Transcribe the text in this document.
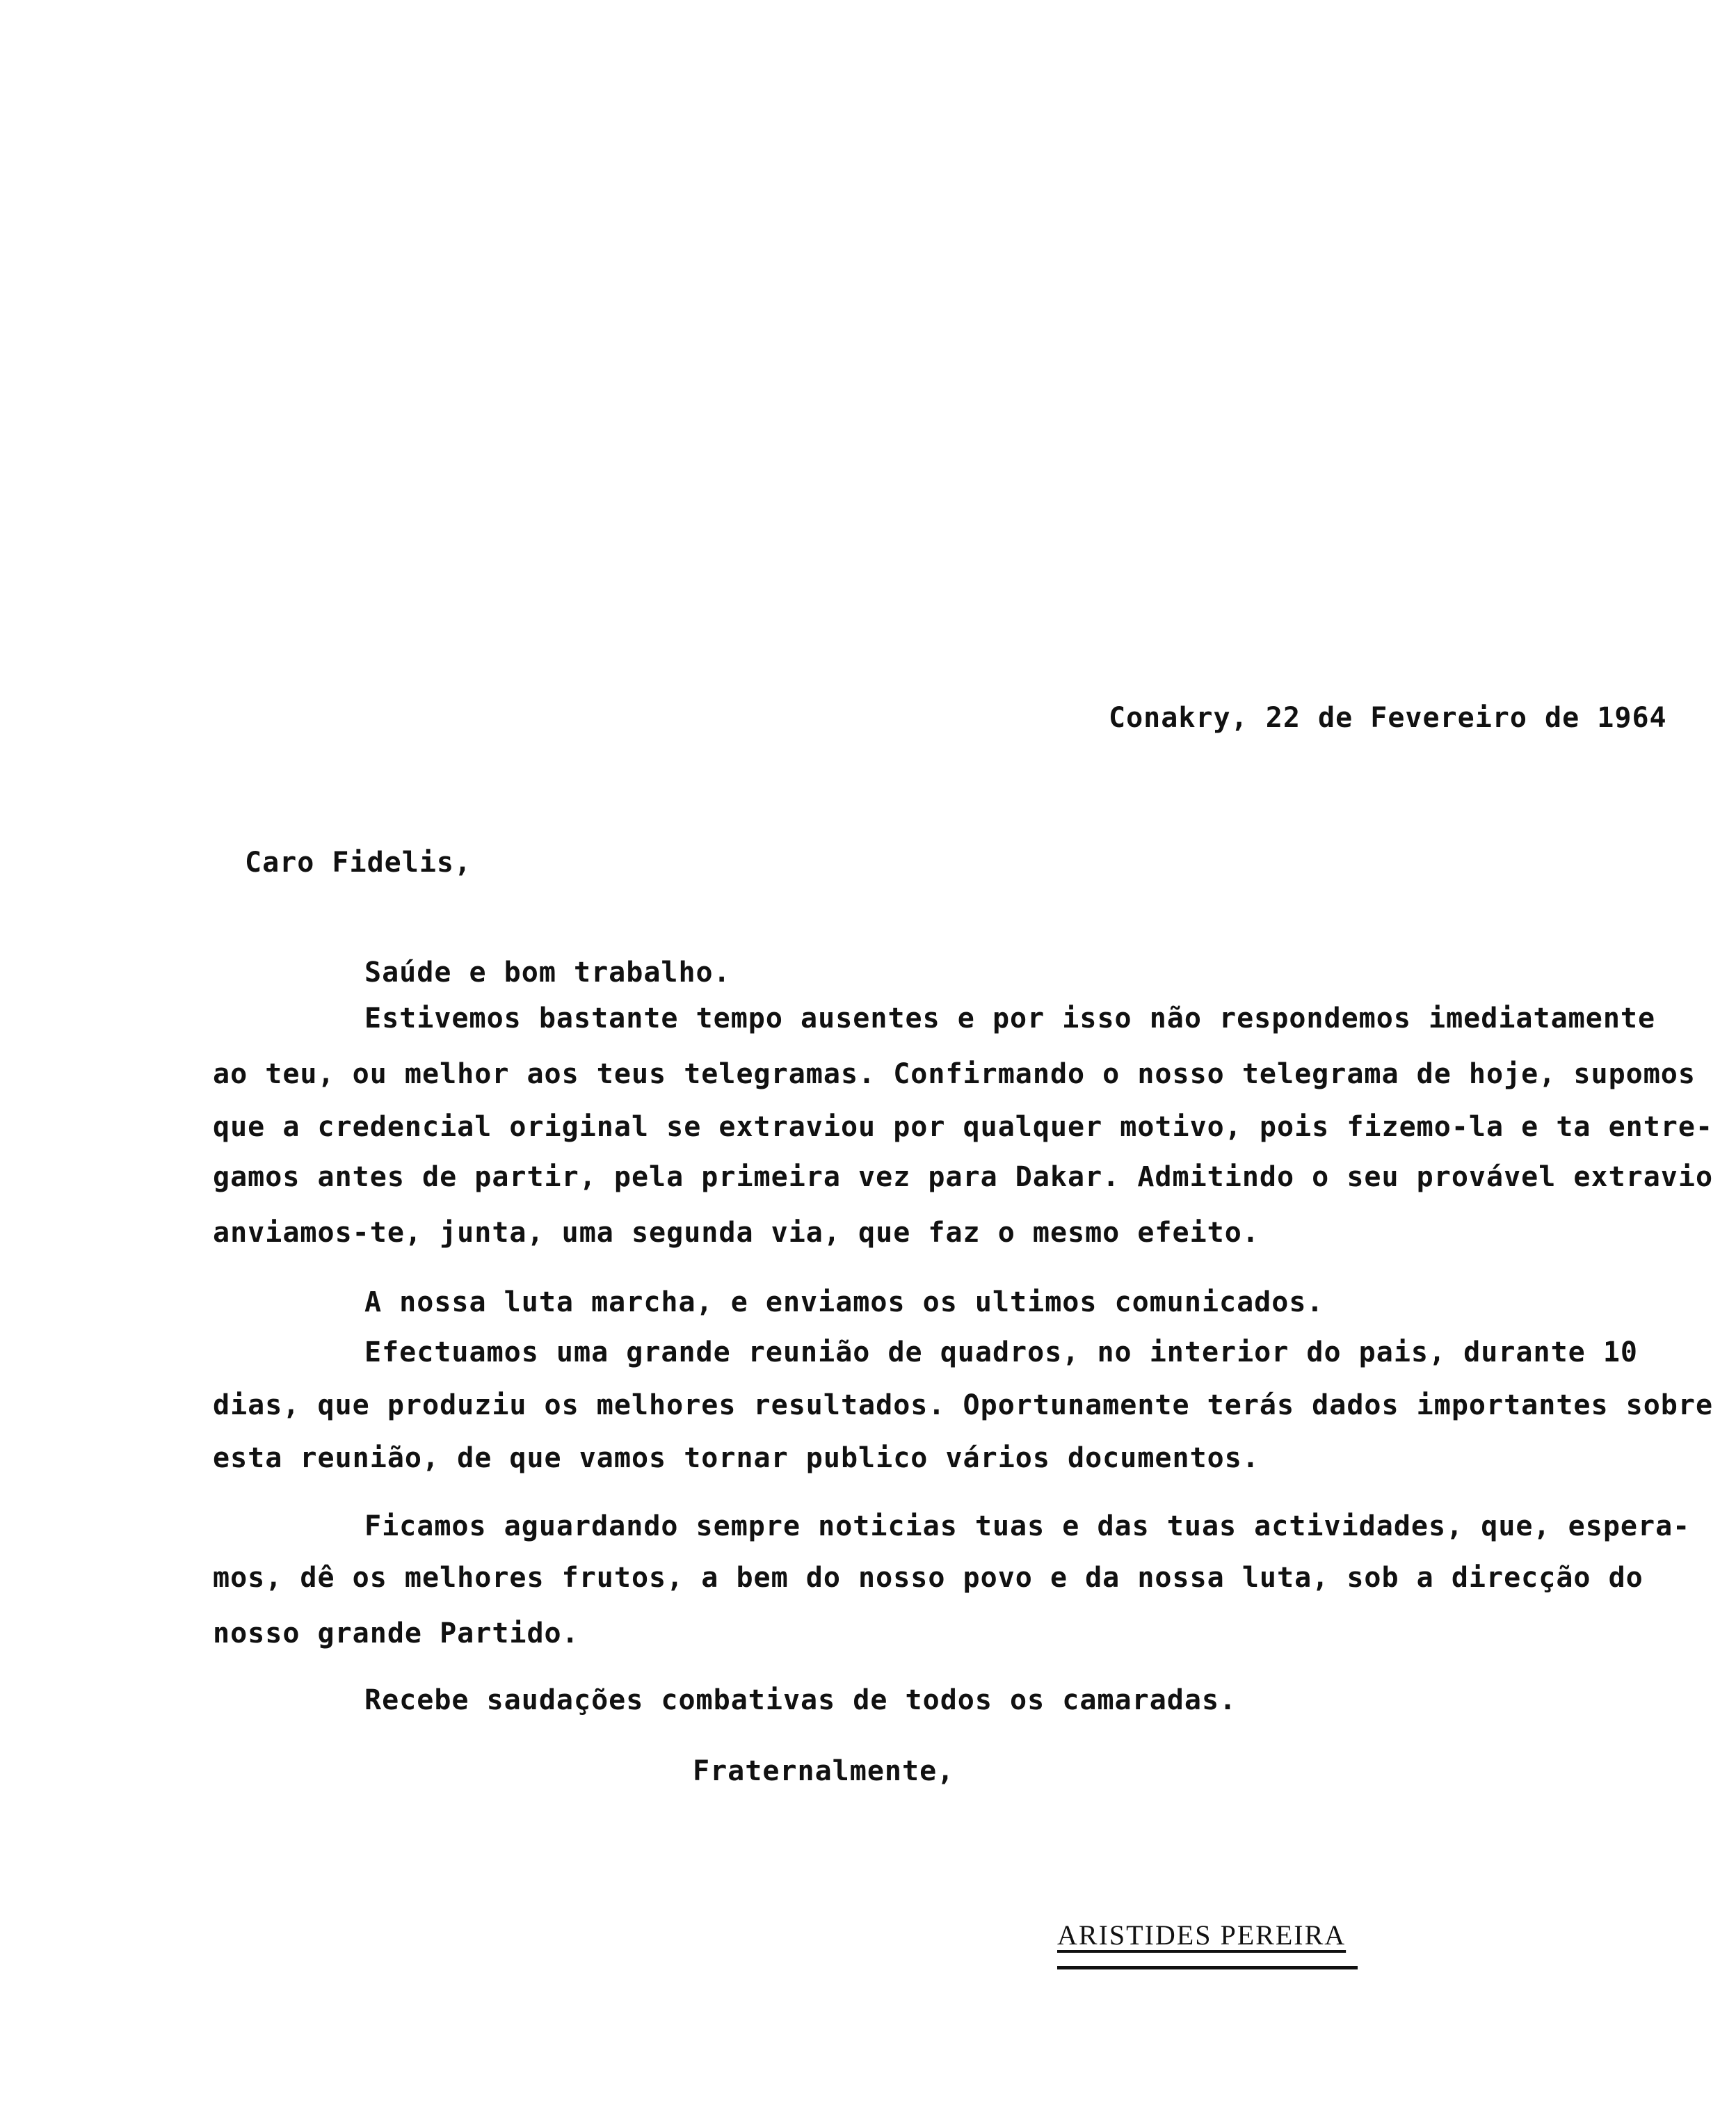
Conakry, 22 de Fevereiro de 1964
Caro Fidelis,
Saúde e bom trabalho.
Estivemos bastante tempo ausentes e por isso não respondemos imediatamente
ao teu, ou melhor aos teus telegramas. Confirmando o nosso telegrama de hoje, supomos
que a credencial original se extraviou por qualquer motivo, pois fizemo-la e ta entre-
gamos antes de partir, pela primeira vez para Dakar. Admitindo o seu provável extravio
anviamos-te, junta, uma segunda via, que faz o mesmo efeito.
A nossa luta marcha, e enviamos os ultimos comunicados.
Efectuamos uma grande reunião de quadros, no interior do pais, durante 10
dias, que produziu os melhores resultados. Oportunamente terás dados importantes sobre
esta reunião, de que vamos tornar publico vários documentos.
Ficamos aguardando sempre noticias tuas e das tuas actividades, que, espera-
mos, dê os melhores frutos, a bem do nosso povo e da nossa luta, sob a direcção do
nosso grande Partido.
Recebe saudações combativas de todos os camaradas.
Fraternalmente,
ARISTIDES PEREIRA
